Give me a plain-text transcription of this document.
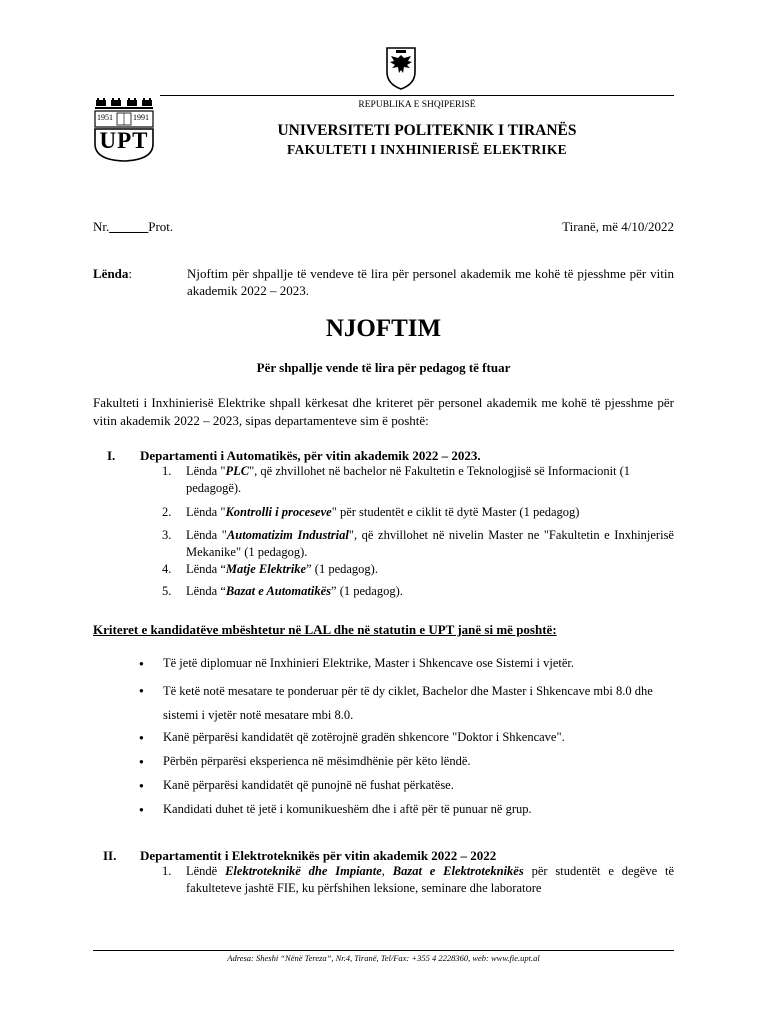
1951	1991
UPT
REPUBLIKA E SHQIPERISË
UNIVERSITETI POLITEKNIK I TIRANËS
FAKULTETI I INXHINIERISË ELEKTRIKE
Nr.______Prot.	Tiranë, më 4/10/2022
Lënda:	Njoftim për shpallje të vendeve të lira për personel akademik me kohë të pjesshme për vitin akademik 2022 – 2023.
NJOFTIM
Për shpallje vende të lira për pedagog të ftuar
Fakulteti i Inxhinierisë Elektrike shpall kërkesat dhe kriteret për personel akademik me kohë të pjesshme për vitin akademik 2022 – 2023, sipas departamenteve sim ë poshtë:
I. Departamenti i Automatikës, për vitin akademik 2022 – 2023.
1. Lënda "PLC", që zhvillohet në bachelor në Fakultetin e Teknologjisë së Informacionit (1 pedagogë).
2. Lënda "Kontrolli i proceseve" për studentët e ciklit të dytë Master (1 pedagog)
3. Lënda "Automatizim Industrial", që zhvillohet në nivelin Master ne "Fakultetin e Inxhinjerisë Mekanike" (1 pedagog).
4. Lënda “Matje Elektrike” (1 pedagog).
5. Lënda “Bazat e Automatikës” (1 pedagog).
Kriteret e kandidatëve mbështetur në LAL dhe në statutin e UPT janë si më poshtë:
● Të jetë diplomuar në Inxhinieri Elektrike, Master i Shkencave ose Sistemi i vjetër.
● Të ketë notë mesatare te ponderuar për të dy ciklet, Bachelor dhe Master i Shkencave mbi 8.0 dhe sistemi i vjetër notë mesatare mbi 8.0.
● Kanë përparësi kandidatët që zotërojnë gradën shkencore "Doktor i Shkencave".
● Përbën përparësi eksperienca në mësimdhënie për këto lëndë.
● Kanë përparësi kandidatët që punojnë në fushat përkatëse.
● Kandidati duhet të jetë i komunikueshëm dhe i aftë për të punuar në grup.
II. Departamentit i Elektroteknikës për vitin akademik 2022 – 2022
1. Lëndë Elektroteknikë dhe Impiante, Bazat e Elektroteknikës për studentët e degëve të fakulteteve jashtë FIE, ku përfshihen leksione, seminare dhe laboratore
Adresa: Sheshi “Nënë Tereza”, Nr.4, Tiranë, Tel/Fax: +355 4 2228360, web: www.fie.upt.al
